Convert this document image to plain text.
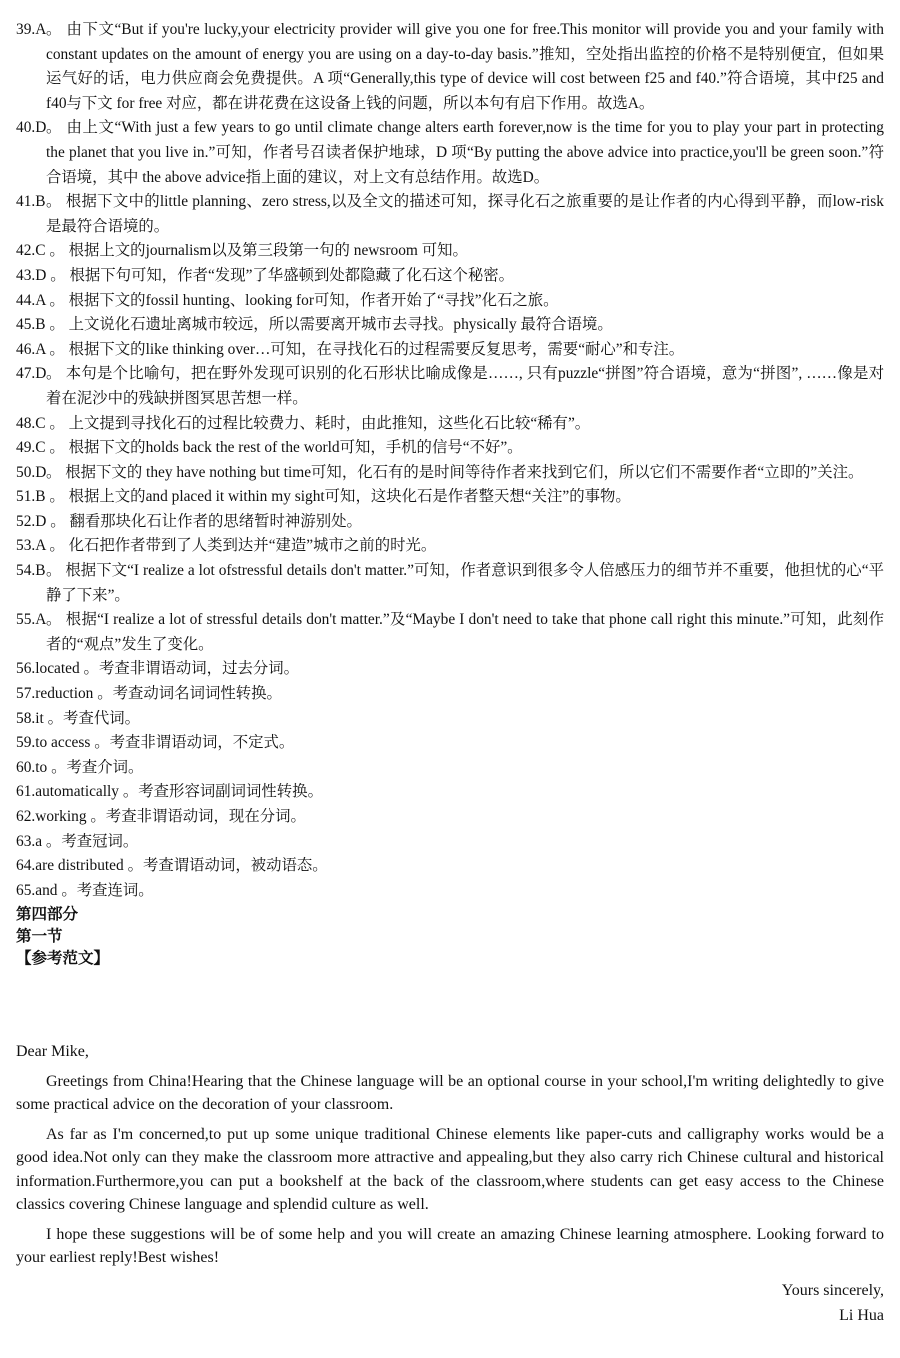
39.A 。 由下文“But if you're lucky,your electricity provider will give you one for free.This monitor will provide you and your family with constant updates on the amount of energy you are using on a day-to-day basis.”推知，空处指出监控的价格不是特别便宜，但如果运气好的话，电力供应商会免费提供。A 项“Generally,this type of device will cost between f25 and f40.”符合语境，其中f25 and f40与下文 for free 对应，都在讲花费在这设备上钱的问题，所以本句有启下作用。故选A。

40.D 。 由上文“With just a few years to go until climate change alters earth forever,now is the time for you to play your part in protecting the planet that you live in.”可知，作者号召读者保护地球，D 项“By putting the above advice into practice,you'll be green soon.”符合语境，其中 the above advice指上面的建议，对上文有总结作用。故选D。

41.B 。 根据下文中的little planning、zero stress,以及全文的描述可知，探寻化石之旅重要的是让作者的内心得到平静，而low-risk 是最符合语境的。

42.C 。 根据上文的journalism以及第三段第一句的 newsroom 可知。

43.D 。 根据下句可知，作者“发现”了华盛顿到处都隐藏了化石这个秘密。

44.A 。 根据下文的fossil hunting、looking for可知，作者开始了“寻找”化石之旅。

45.B 。 上文说化石遗址离城市较远，所以需要离开城市去寻找。physically 最符合语境。

46.A 。 根据下文的like thinking over…可知，在寻找化石的过程需要反复思考，需要“耐心”和专注。

47.D 。 本句是个比喻句，把在野外发现可识别的化石形状比喻成像是……, 只有puzzle“拼图”符合语境，意为“拼图”, ……像是对着在泥沙中的残缺拼图冥思苦想一样。

48.C 。 上文提到寻找化石的过程比较费力、耗时，由此推知，这些化石比较“稀有”。

49.C 。 根据下文的holds back the rest of the world可知，手机的信号“不好”。

50.D 。 根据下文的 they have nothing but time可知，化石有的是时间等待作者来找到它们，所以它们不需要作者“立即的”关注。

51.B 。 根据上文的and placed it within my sight可知，这块化石是作者整天想“关注”的事物。

52.D 。 翻看那块化石让作者的思绪暂时神游别处。

53.A 。 化石把作者带到了人类到达并“建造”城市之前的时光。

54.B 。 根据下文“I realize a lot ofstressful details don't matter.”可知，作者意识到很多令人倍感压力的细节并不重要，他担忧的心“平静了下来”。

55.A 。 根据“I realize a lot of stressful details don't matter.”及“Maybe I don't need to take that phone call right this minute.”可知，此刻作者的“观点”发生了变化。

56.located 。考查非谓语动词，过去分词。

57.reduction 。考查动词名词词性转换。

58.it 。考查代词。

59.to access 。考查非谓语动词，不定式。

60.to 。考查介词。

61.automatically 。考查形容词副词词性转换。

62.working 。考查非谓语动词，现在分词。

63.a 。考查冠词。

64.are distributed 。考查谓语动词，被动语态。

65.and 。考查连词。

第四部分

第一节

【参考范文】

Dear Mike,

Greetings from China!Hearing that the Chinese language will be an optional course in your school,I'm writing delightedly to give some practical advice on the decoration of your classroom.

As far as I'm concerned,to put up some unique traditional Chinese elements like paper-cuts and calligraphy works would be a good idea.Not only can they make the classroom more attractive and appealing,but they also carry rich Chinese cultural and historical information.Furthermore,you can put a bookshelf at the back of the classroom,where students can get easy access to the Chinese classics covering Chinese language and splendid culture as well.

I hope these suggestions will be of some help and you will create an amazing Chinese learning atmosphere. Looking forward to your earliest reply!Best wishes!

Yours sincerely,
Li Hua
